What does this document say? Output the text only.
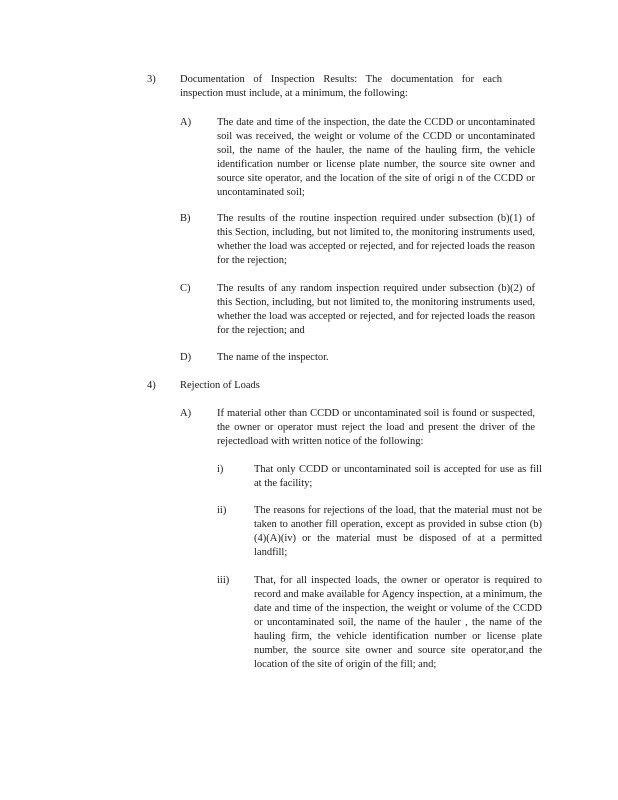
3) Documentation of Inspection Results: The documentation for each inspection must include, at a minimum, the following:
A) The date and time of the inspection, the date the CCDD or uncontaminated soil was received, the weight or volume of the CCDD or uncontaminated soil, the name of the hauler, the name of the hauling firm, the vehicle identification number or license plate number, the source site owner and source site operator, and the location of the site of origi n of the CCDD or uncontaminated soil;
B)	The results of the routine inspection required under subsection (b)(1) of this Section, including, but not limited to, the monitoring instruments used, whether the load was accepted or rejected, and for rejected loads the reason for the rejection;
C)	The results of any random inspection required under subsection (b)(2) of this Section, including, but not limited to, the monitoring instruments used, whether the load was accepted or rejected, and for rejected loads the reason for the rejection; and
D) The name of the inspector.
4) Rejection of Loads
A) If material other than CCDD or uncontaminated soil is found or suspected, the owner or operator must reject the load and present the driver of the rejectedload with written notice of the following:
i)	That only CCDD or uncontaminated soil is accepted for use as fill at the facility;
ii)	The reasons for rejections of the load, that the material must not be taken to another fill operation, except as provided in subse ction (b)(4)(A)(iv) or the material must be disposed of at a permitted landfill;
iii) That, for all inspected loads, the owner or operator is required to record and make available for Agency inspection, at a minimum, the date and time of the inspection, the weight or volume of the CCDD or uncontaminated soil, the name of the hauler , the name of the hauling firm, the vehicle identification number or license plate number, the source site owner and source site operator,and the location of the site of origin of the fill; and;
